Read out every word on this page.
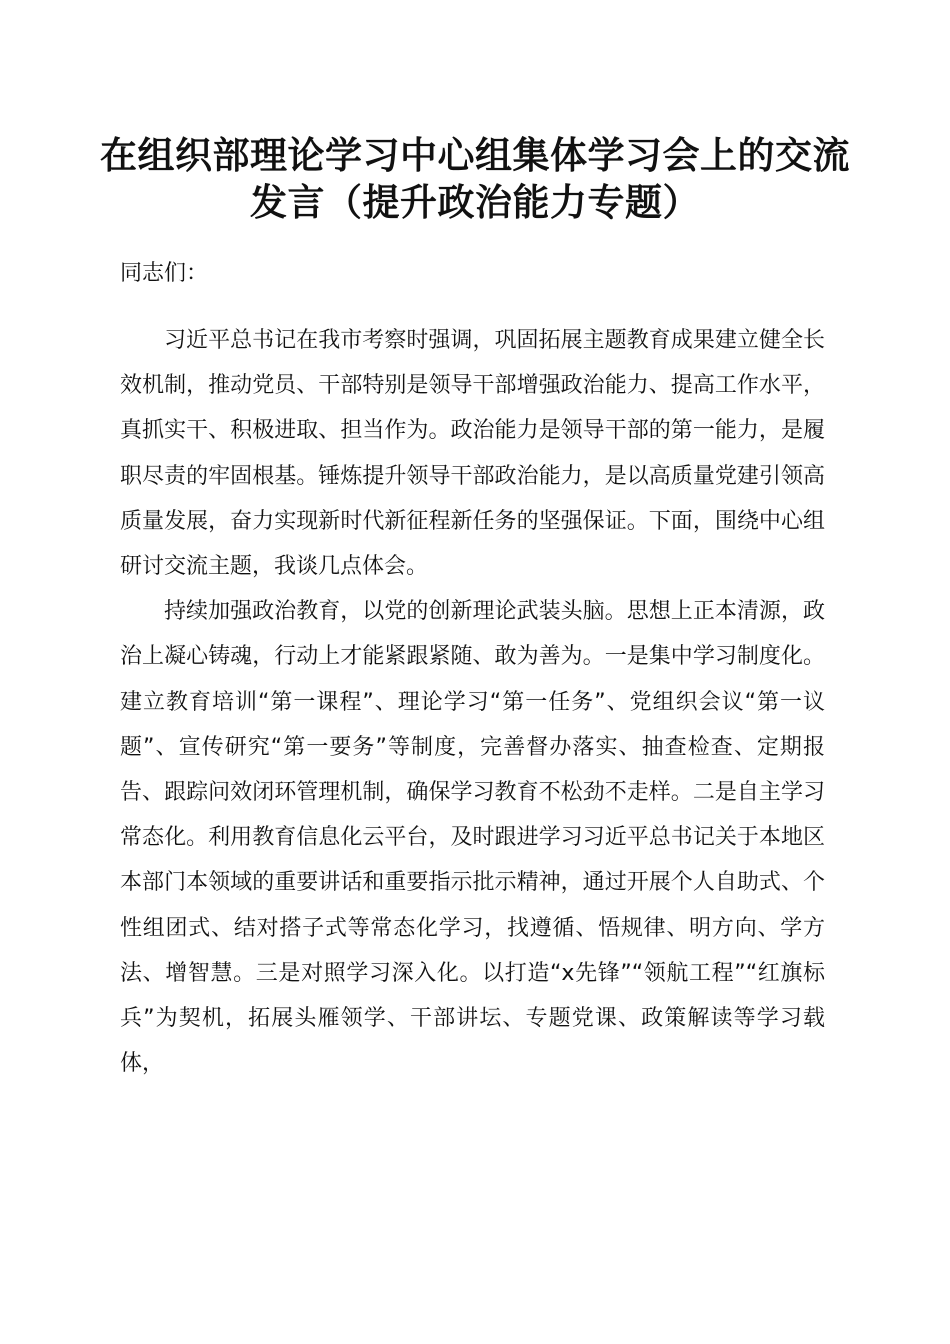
在组织部理论学习中心组集体学习会上的交流
发言（提升政治能力专题）

同志们：

习近平总书记在我市考察时强调，巩固拓展主题教育成果建立健全长效机制，推动党员、干部特别是领导干部增强政治能力、提高工作水平，真抓实干、积极进取、担当作为。政治能力是领导干部的第一能力，是履职尽责的牢固根基。锤炼提升领导干部政治能力，是以高质量党建引领高质量发展，奋力实现新时代新征程新任务的坚强保证。下面，围绕中心组研讨交流主题，我谈几点体会。

持续加强政治教育，以党的创新理论武装头脑。思想上正本清源，政治上凝心铸魂，行动上才能紧跟紧随、敢为善为。一是集中学习制度化。建立教育培训“第一课程”、理论学习“第一任务”、党组织会议“第一议题”、宣传研究“第一要务”等制度，完善督办落实、抽查检查、定期报告、跟踪问效闭环管理机制，确保学习教育不松劲不走样。二是自主学习常态化。利用教育信息化云平台，及时跟进学习习近平总书记关于本地区本部门本领域的重要讲话和重要指示批示精神，通过开展个人自助式、个性组团式、结对搭子式等常态化学习，找遵循、悟规律、明方向、学方法、增智慧。三是对照学习深入化。以打造“x先锋”“领航工程”“红旗标兵”为契机，拓展头雁领学、干部讲坛、专题党课、政策解读等学习载体，
